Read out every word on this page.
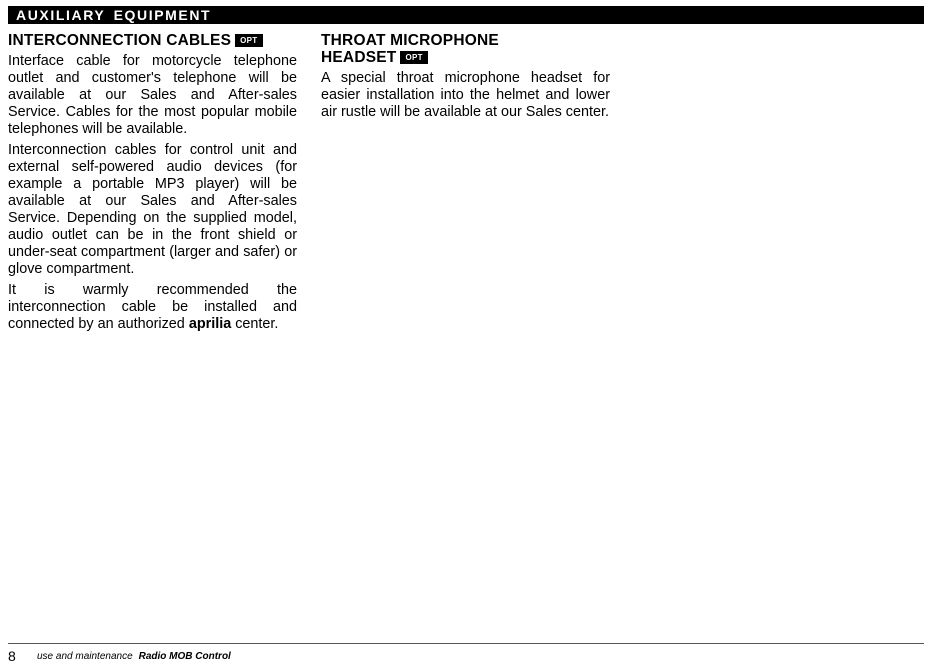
AUXILIARY EQUIPMENT
INTERCONNECTION CABLES OPT

Interface cable for motorcycle telephone outlet and customer's telephone will be available at our Sales and After-sales Service. Cables for the most popular mobile telephones will be available.

Interconnection cables for control unit and external self-powered audio devices (for example a portable MP3 player) will be available at our Sales and After-sales Service. Depending on the supplied model, audio outlet can be in the front shield or under-seat compartment (larger and safer) or glove compartment.

It is warmly recommended the interconnection cable be installed and connected by an authorized aprilia center.

THROAT MICROPHONE
HEADSET OPT

A special throat microphone headset for easier installation into the helmet and lower air rustle will be available at our Sales center.

8 use and maintenance Radio MOB Control
